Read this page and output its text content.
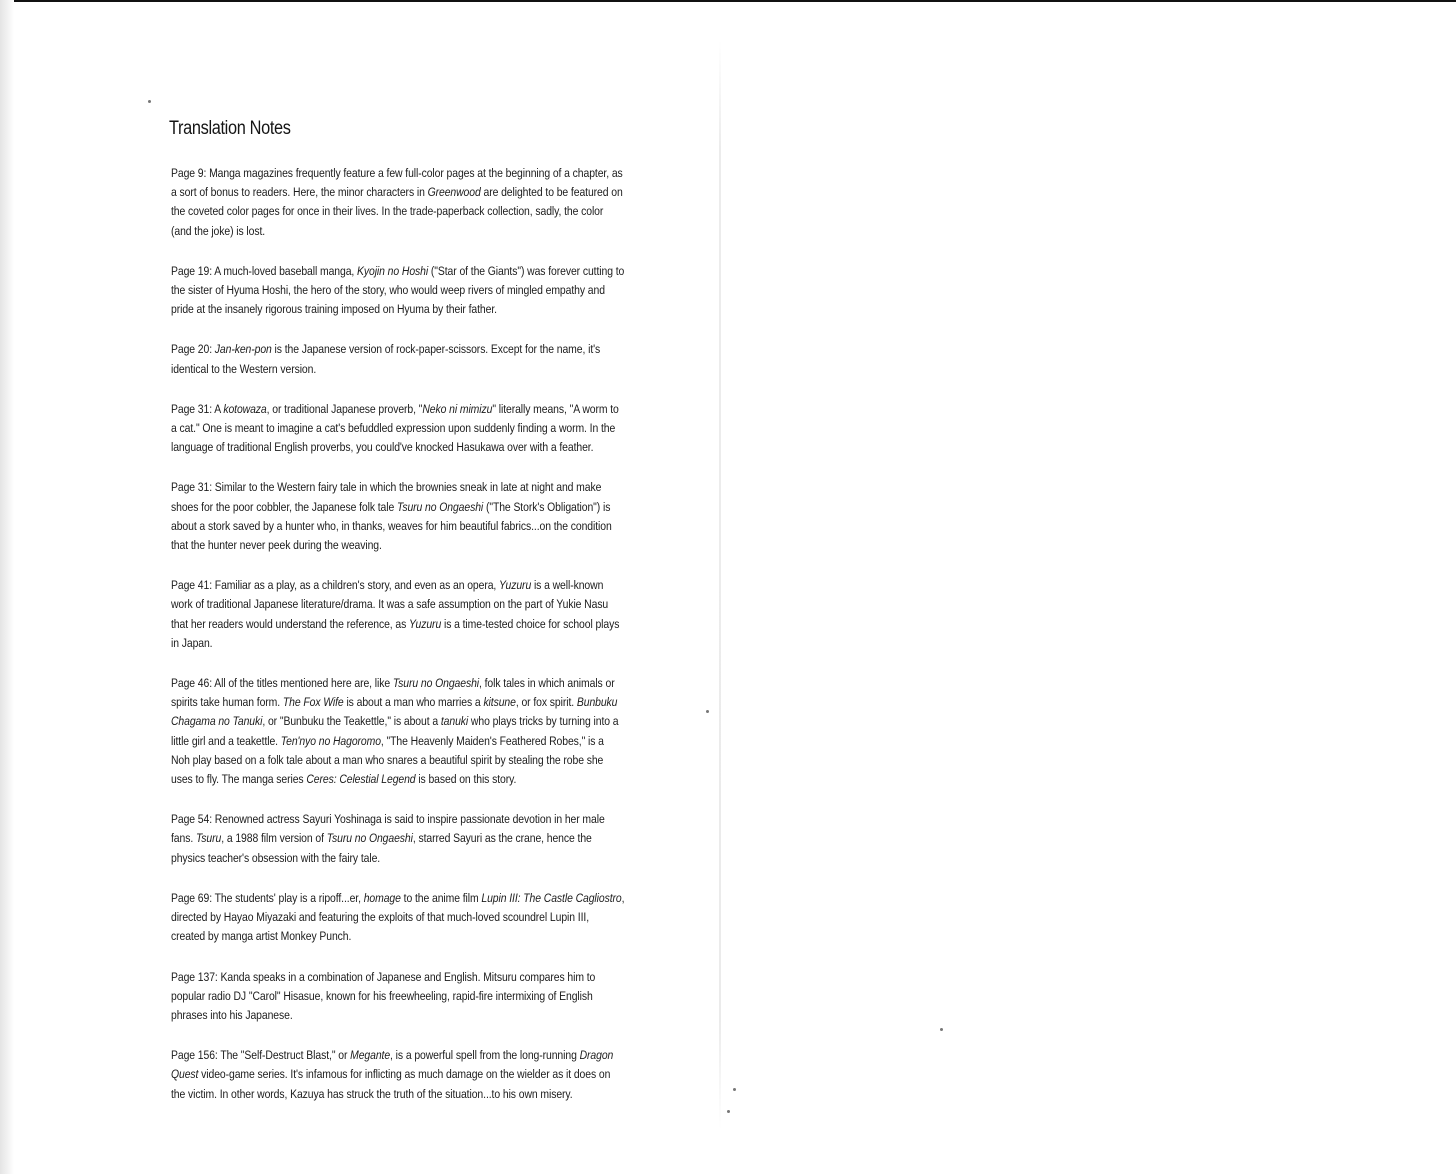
Translation Notes

Page 9: Manga magazines frequently feature a few full-color pages at the beginning of a chapter, as a sort of bonus to readers. Here, the minor characters in Greenwood are delighted to be featured on the coveted color pages for once in their lives. In the trade-paperback collection, sadly, the color (and the joke) is lost.

Page 19: A much-loved baseball manga, Kyojin no Hoshi ("Star of the Giants") was forever cutting to the sister of Hyuma Hoshi, the hero of the story, who would weep rivers of mingled empathy and pride at the insanely rigorous training imposed on Hyuma by their father.

Page 20: Jan-ken-pon is the Japanese version of rock-paper-scissors. Except for the name, it's identical to the Western version.

Page 31: A kotowaza, or traditional Japanese proverb, "Neko ni mimizu" literally means, "A worm to a cat." One is meant to imagine a cat's befuddled expression upon suddenly finding a worm. In the language of traditional English proverbs, you could've knocked Hasukawa over with a feather.

Page 31: Similar to the Western fairy tale in which the brownies sneak in late at night and make shoes for the poor cobbler, the Japanese folk tale Tsuru no Ongaeshi ("The Stork's Obligation") is about a stork saved by a hunter who, in thanks, weaves for him beautiful fabrics...on the condition that the hunter never peek during the weaving.

Page 41: Familiar as a play, as a children's story, and even as an opera, Yuzuru is a well-known work of traditional Japanese literature/drama. It was a safe assumption on the part of Yukie Nasu that her readers would understand the reference, as Yuzuru is a time-tested choice for school plays in Japan.

Page 46: All of the titles mentioned here are, like Tsuru no Ongaeshi, folk tales in which animals or spirits take human form. The Fox Wife is about a man who marries a kitsune, or fox spirit. Bunbuku Chagama no Tanuki, or "Bunbuku the Teakettle," is about a tanuki who plays tricks by turning into a little girl and a teakettle. Ten'nyo no Hagoromo, "The Heavenly Maiden's Feathered Robes," is a Noh play based on a folk tale about a man who snares a beautiful spirit by stealing the robe she uses to fly. The manga series Ceres: Celestial Legend is based on this story.

Page 54: Renowned actress Sayuri Yoshinaga is said to inspire passionate devotion in her male fans. Tsuru, a 1988 film version of Tsuru no Ongaeshi, starred Sayuri as the crane, hence the physics teacher's obsession with the fairy tale.

Page 69: The students' play is a ripoff...er, homage to the anime film Lupin III: The Castle Cagliostro, directed by Hayao Miyazaki and featuring the exploits of that much-loved scoundrel Lupin III, created by manga artist Monkey Punch.

Page 137: Kanda speaks in a combination of Japanese and English. Mitsuru compares him to popular radio DJ "Carol" Hisasue, known for his freewheeling, rapid-fire intermixing of English phrases into his Japanese.

Page 156: The "Self-Destruct Blast," or Megante, is a powerful spell from the long-running Dragon Quest video-game series. It's infamous for inflicting as much damage on the wielder as it does on the victim. In other words, Kazuya has struck the truth of the situation...to his own misery.
